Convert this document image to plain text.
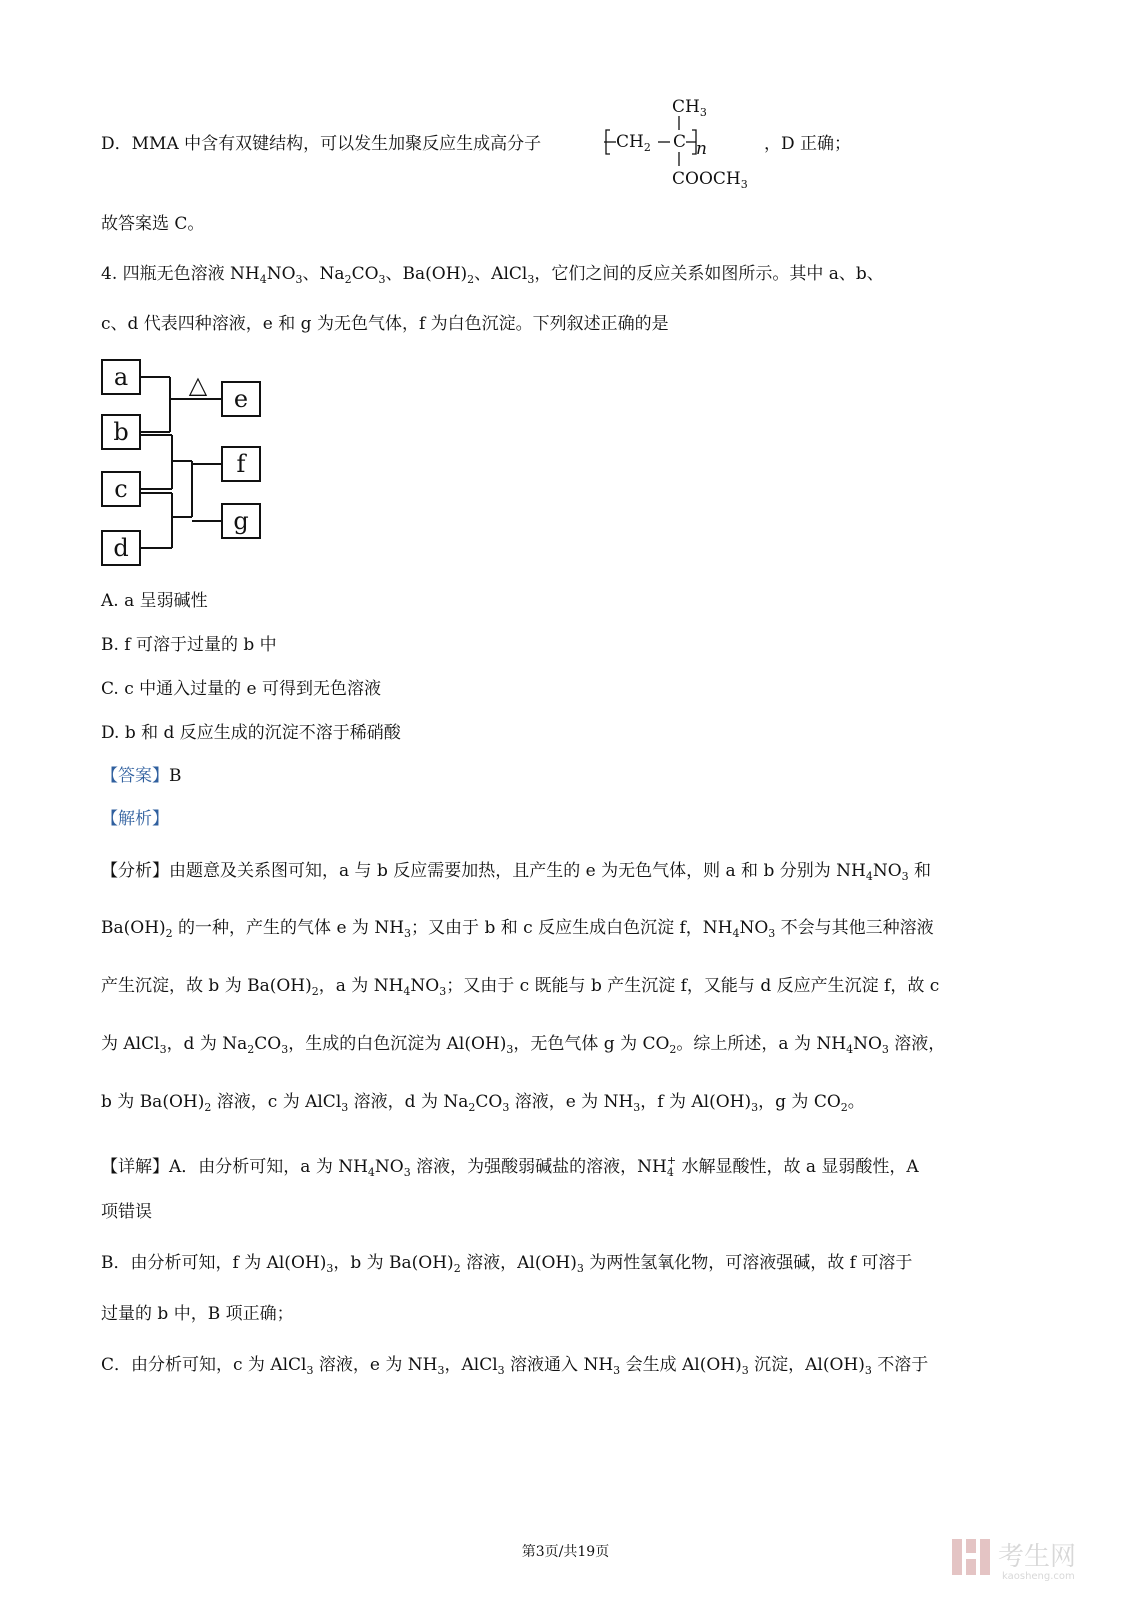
D．MMA 中含有双键结构，可以发生加聚反应生成高分子
$CH_3$
$CH_2$ C n
$COOCH_3$
，D 正确；
故答案选 C。
4. 四瓶无色溶液 $NH_4NO_3$、$Na_2CO_3$、$Ba(OH)_2$、AlCl$_3$，它们之间的反应关系如图所示。其中 a、b、
c、d 代表四种溶液，e 和 g 为无色气体，f 为白色沉淀。下列叙述正确的是
a
b
c
d
e
f
g
△
A. a 呈弱碱性
B. f 可溶于过量的 b 中
C. c 中通入过量的 e 可得到无色溶液
D. b 和 d 反应生成的沉淀不溶于稀硝酸
【答案】B
【解析】
【分析】由题意及关系图可知，a 与 b 反应需要加热，且产生的 e 为无色气体，则 a 和 b 分别为 $NH_4NO_3$ 和
$Ba(OH)_2$ 的一种，产生的气体 e 为 $NH_3$；又由于 b 和 c 反应生成白色沉淀 f，$NH_4NO_3$ 不会与其他三种溶液
产生沉淀，故 b 为 $Ba(OH)_2$，a 为 $NH_4NO_3$；又由于 c 既能与 b 产生沉淀 f，又能与 d 反应产生沉淀 f，故 c
为 AlCl$_3$，d 为 $Na_2CO_3$，生成的白色沉淀为 $Al(OH)_3$，无色气体 g 为 $CO_2$。综上所述，a 为 $NH_4NO_3$ 溶液，
b 为 $Ba(OH)_2$ 溶液，c 为 AlCl$_3$ 溶液，d 为 $Na_2CO_3$ 溶液，e 为 $NH_3$，f 为 $Al(OH)_3$，g 为 $CO_2$。
【详解】A．由分析可知，a 为 $NH_4NO_3$ 溶液，为强酸弱碱盐的溶液，$NH_4^+$ 水解显酸性，故 a 显弱酸性，A
项错误
B．由分析可知，f 为 $Al(OH)_3$，b 为 $Ba(OH)_2$ 溶液，$Al(OH)_3$ 为两性氢氧化物，可溶液强碱，故 f 可溶于
过量的 b 中，B 项正确；
C．由分析可知，c 为 AlCl$_3$ 溶液，e 为 $NH_3$，AlCl$_3$ 溶液通入 $NH_3$ 会生成 $Al(OH)_3$ 沉淀，$Al(OH)_3$ 不溶于
第3页/共19页	考生网
kaosheng.com
